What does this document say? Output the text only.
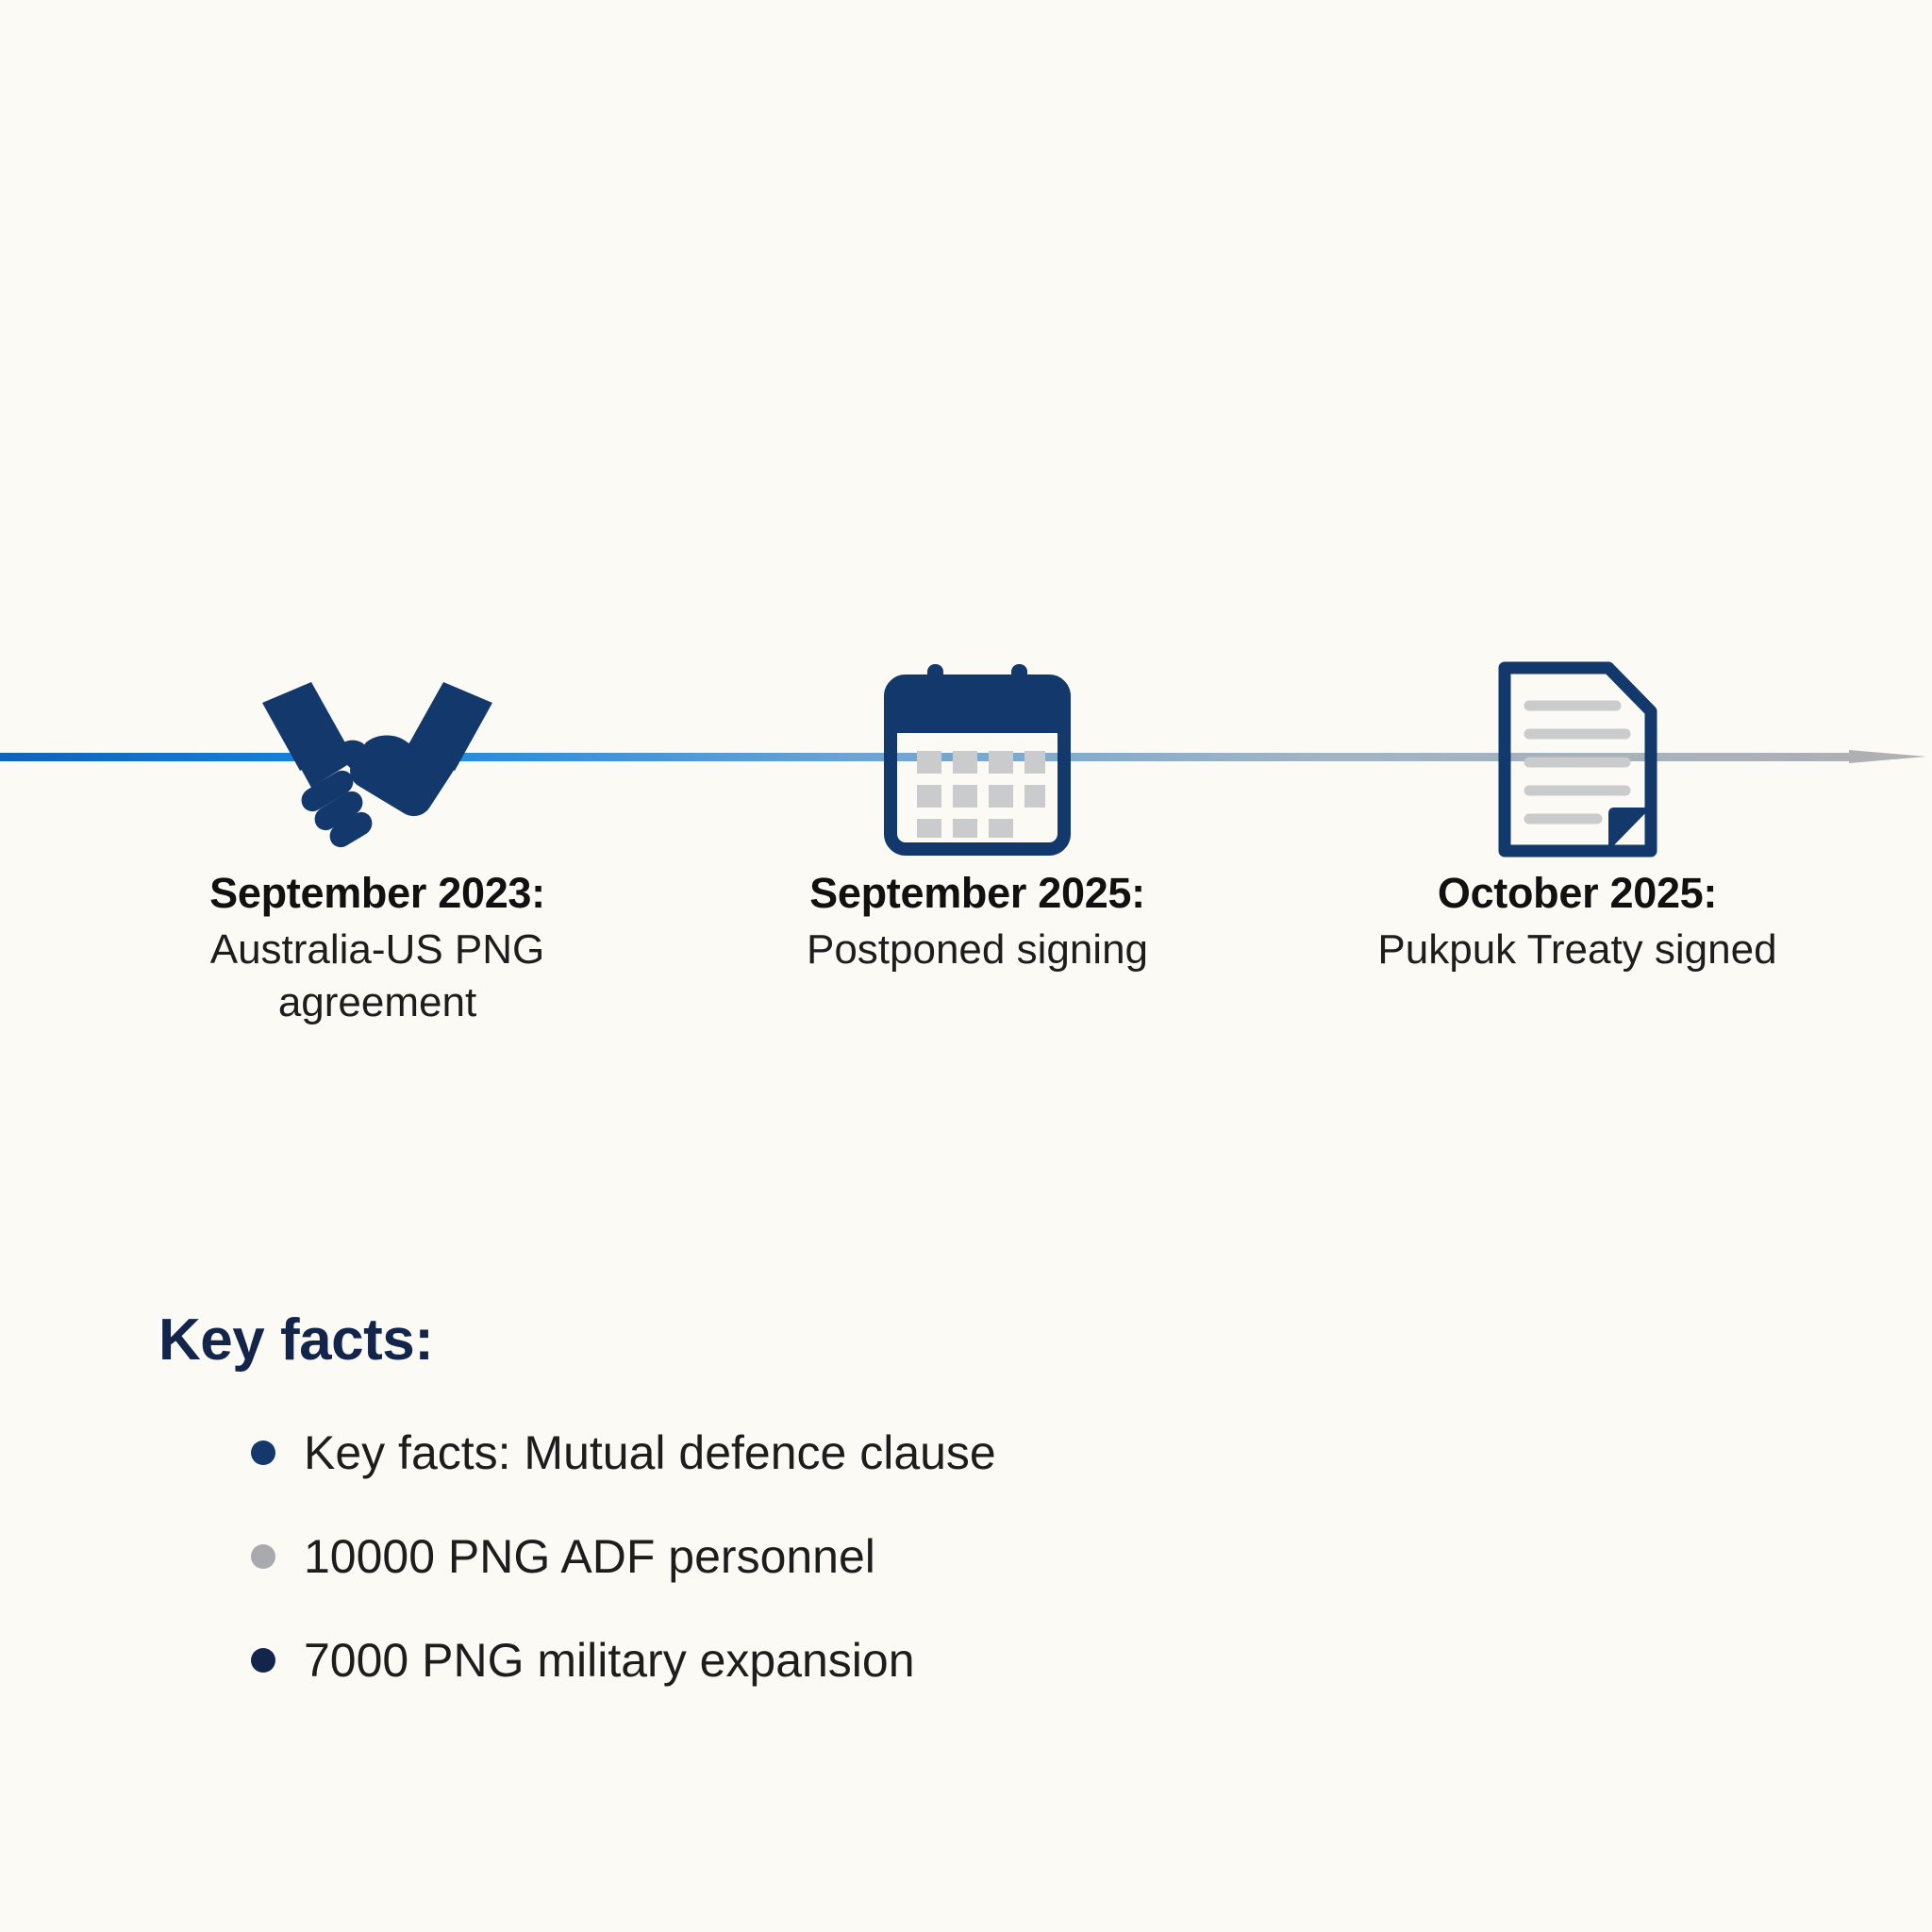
September 2023:
Australia-US PNG agreement
September 2025:
Postponed signing
October 2025:
Pukpuk Treaty signed
Key facts:
Key facts: Mutual defence clause
10000 PNG ADF personnel
7000 PNG military expansion
